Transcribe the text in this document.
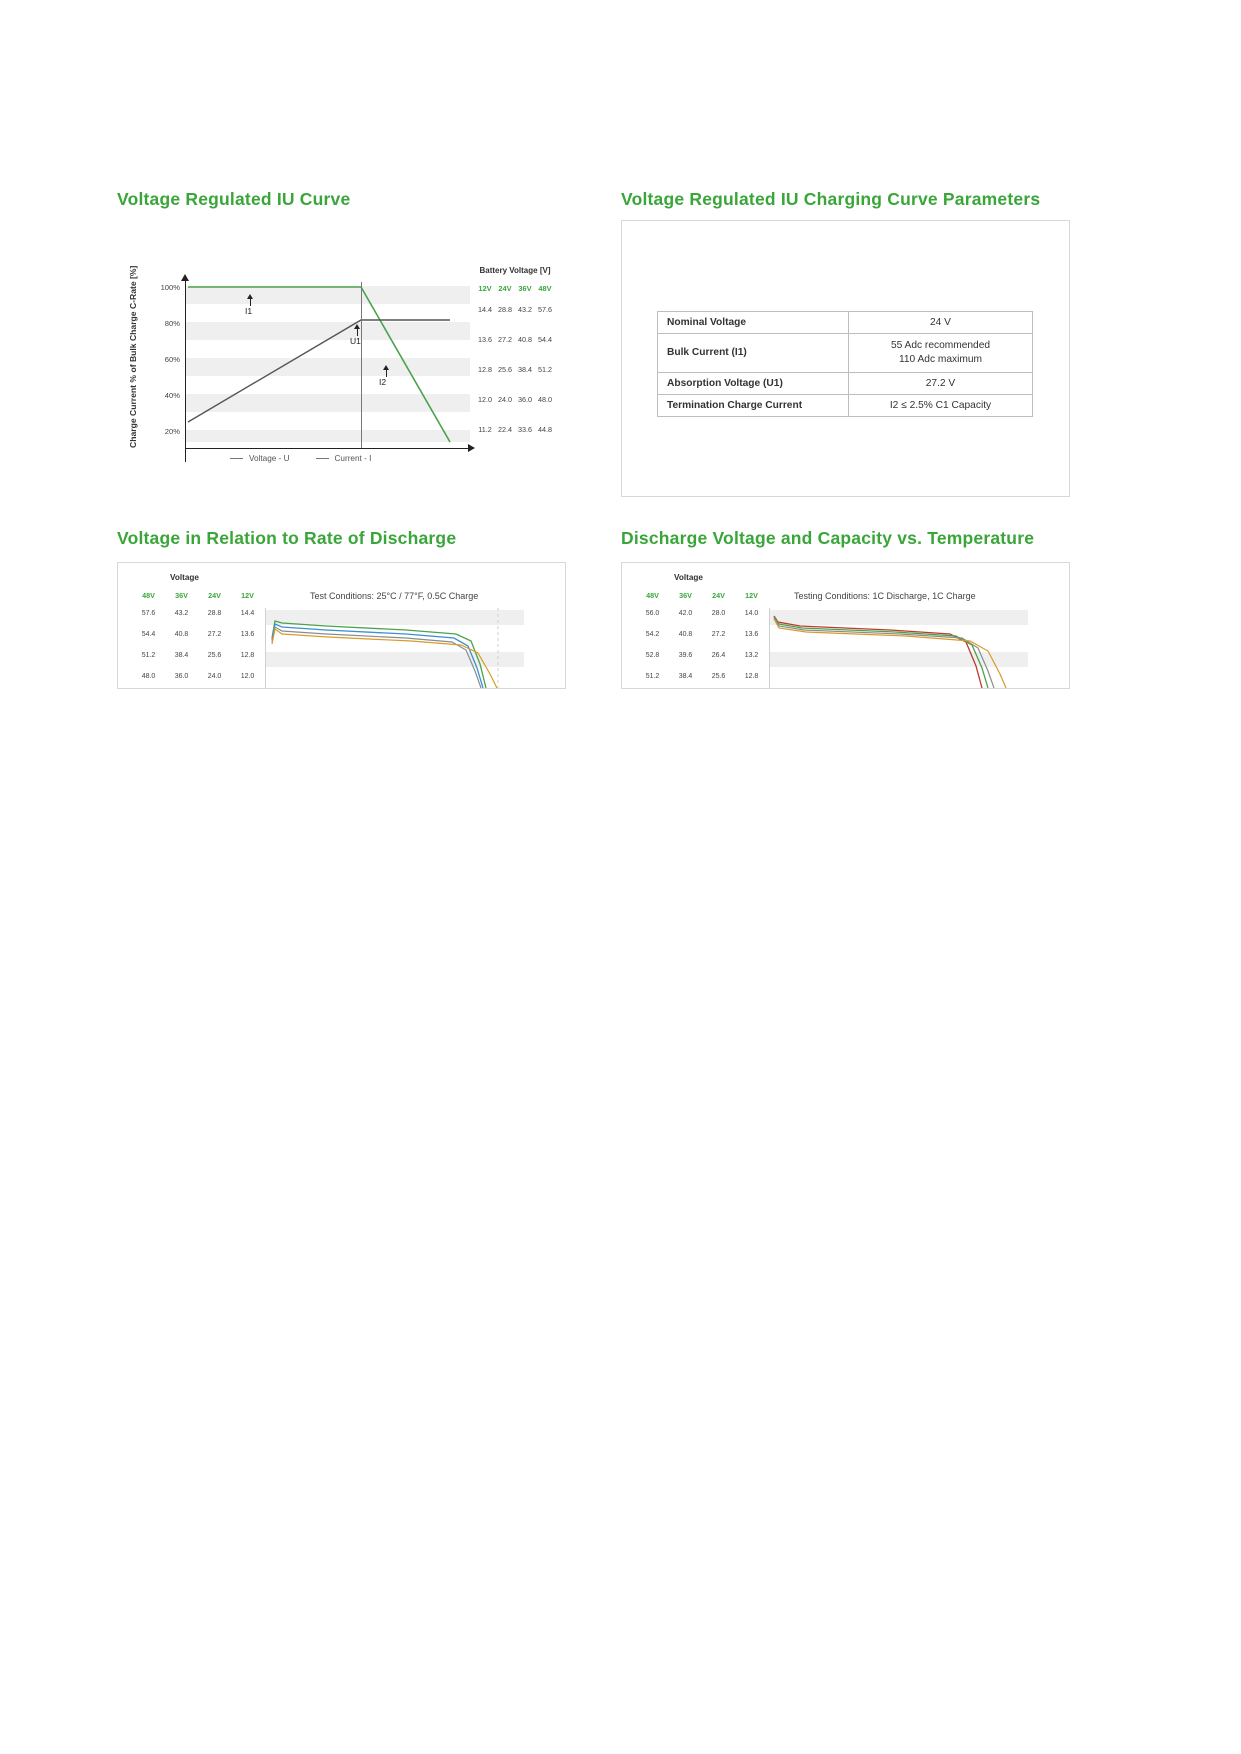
Voltage Regulated IU Curve	Voltage Regulated IU Charging Curve Parameters
Voltage in Relation to Rate of Discharge	Discharge Voltage and Capacity vs. Temperature
Charge Current % of Bulk Charge C-Rate [%]	100%
80%
60%
40%
20%
I1
U1
I2
Battery Voltage [V]
12V 24V 36V 48V
14.4 28.8 43.2 57.6
13.6 27.2 40.8 54.4
12.8 25.6 38.4 51.2
12.0 24.0 36.0 48.0
11.2 22.4 33.6 44.8
Voltage - U	Current - I
Nominal Voltage	24 V
Bulk Current (I1)	55 Adc recommended
110 Adc maximum

Absorption Voltage (U1)	27.2 V
Termination Charge Current	I2 ≤ 2.5% C1 Capacity
Voltage
48V	36V	24V	12V
57.6	43.2	28.8	14.4
54.4	40.8	27.2	13.6
51.2	38.4	25.6	12.8
48.0	36.0	24.0	12.0
Test Conditions: 25°C / 77°F, 0.5C Charge
Voltage
48V	36V	24V	12V
56.0	42.0	28.0	14.0
54.2	40.8	27.2	13.6
52.8	39.6	26.4	13.2
51.2	38.4	25.6	12.8
Testing Conditions: 1C Discharge, 1C Charge
